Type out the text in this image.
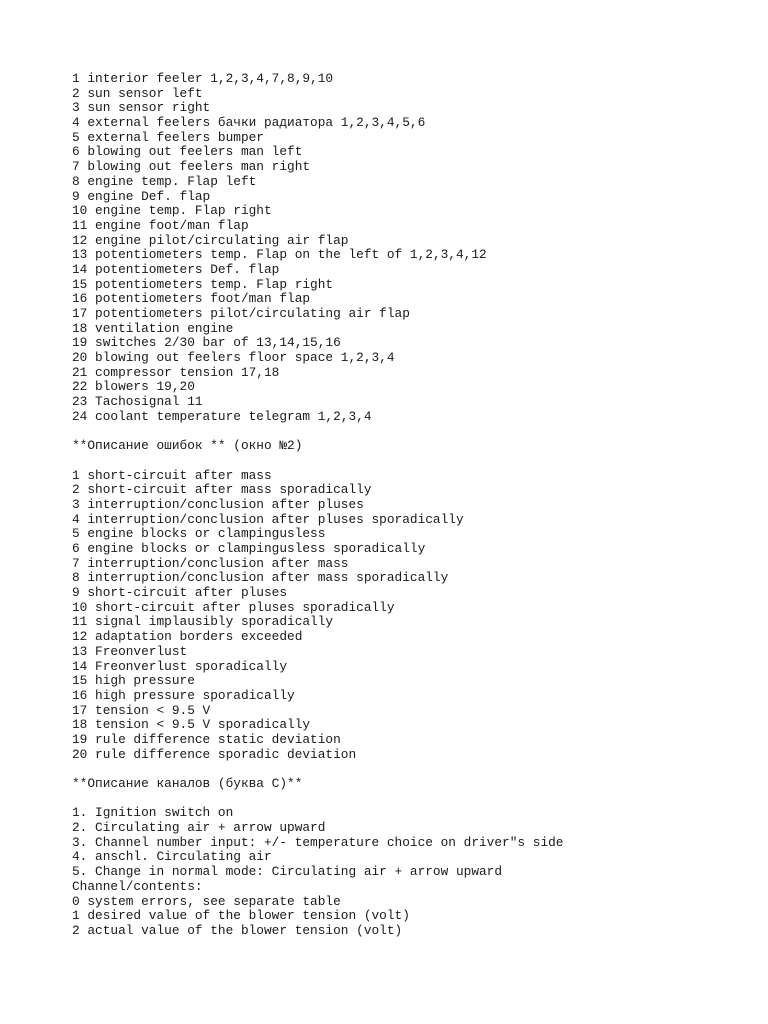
1 interior feeler 1,2,3,4,7,8,9,10
2 sun sensor left
3 sun sensor right
4 external feelers бачки радиатора 1,2,3,4,5,6
5 external feelers bumper
6 blowing out feelers man left
7 blowing out feelers man right
8 engine temp. Flap left
9 engine Def. flap
10 engine temp. Flap right
11 engine foot/man flap
12 engine pilot/circulating air flap
13 potentiometers temp. Flap on the left of 1,2,3,4,12
14 potentiometers Def. flap
15 potentiometers temp. Flap right
16 potentiometers foot/man flap
17 potentiometers pilot/circulating air flap
18 ventilation engine
19 switches 2/30 bar of 13,14,15,16
20 blowing out feelers floor space 1,2,3,4
21 compressor tension 17,18
22 blowers 19,20
23 Tachosignal 11
24 coolant temperature telegram 1,2,3,4
**Описание ошибок ** (окно №2)
1 short-circuit after mass
2 short-circuit after mass sporadically
3 interruption/conclusion after pluses
4 interruption/conclusion after pluses sporadically
5 engine blocks or clampingusless
6 engine blocks or clampingusless sporadically
7 interruption/conclusion after mass
8 interruption/conclusion after mass sporadically
9 short-circuit after pluses
10 short-circuit after pluses sporadically
11 signal implausibly sporadically
12 adaptation borders exceeded
13 Freonverlust
14 Freonverlust sporadically
15 high pressure
16 high pressure sporadically
17 tension < 9.5 V
18 tension < 9.5 V sporadically
19 rule difference static deviation
20 rule difference sporadic deviation
**Описание каналов (буква C)**
1. Ignition switch on
2. Circulating air + arrow upward
3. Channel number input: +/- temperature choice on driver"s side
4. anschl. Circulating air
5. Change in normal mode: Circulating air + arrow upward
Channel/contents:
0 system errors, see separate table
1 desired value of the blower tension (volt)
2 actual value of the blower tension (volt)
